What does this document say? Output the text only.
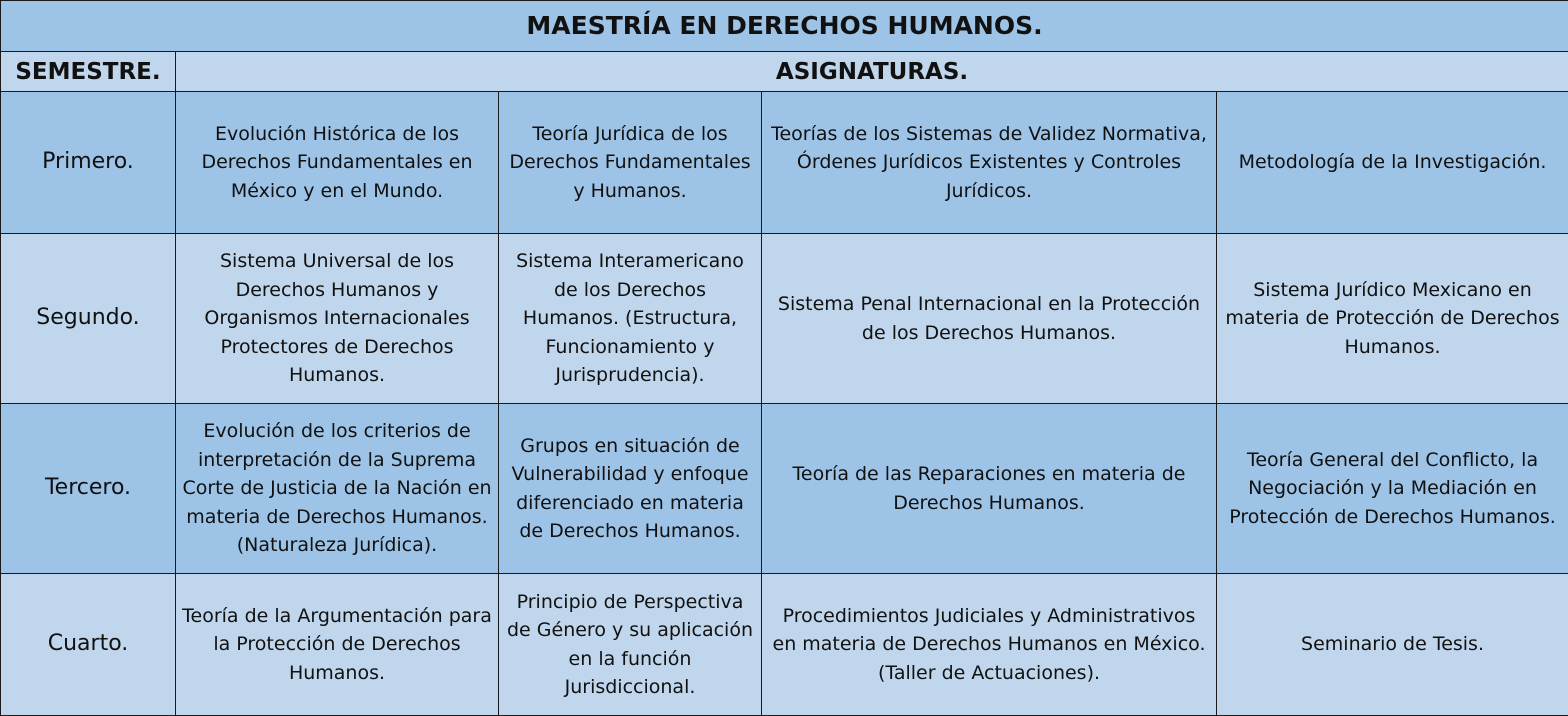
MAESTRÍA EN DERECHOS HUMANOS.				
SEMESTRE.	ASIGNATURAS.			
Primero.	Evolución Histórica de los Derechos Fundamentales en México y en el Mundo.	Teoría Jurídica de los Derechos Fundamentales y Humanos.	Teorías de los Sistemas de Validez Normativa, Órdenes Jurídicos Existentes y Controles Jurídicos.	Metodología de la Investigación.
Segundo.	Sistema Universal de los Derechos Humanos y Organismos Internacionales Protectores de Derechos Humanos.	Sistema Interamericano de los Derechos Humanos. (Estructura, Funcionamiento y Jurisprudencia).	Sistema Penal Internacional en la Protección de los Derechos Humanos.	Sistema Jurídico Mexicano en materia de Protección de Derechos Humanos.
Tercero.	Evolución de los criterios de interpretación de la Suprema Corte de Justicia de la Nación en materia de Derechos Humanos. (Naturaleza Jurídica).	Grupos en situación de Vulnerabilidad y enfoque diferenciado en materia de Derechos Humanos.	Teoría de las Reparaciones en materia de Derechos Humanos.	Teoría General del Conflicto, la Negociación y la Mediación en Protección de Derechos Humanos.
Cuarto.	Teoría de la Argumentación para la Protección de Derechos Humanos.	Principio de Perspectiva de Género y su aplicación en la función Jurisdiccional.	Procedimientos Judiciales y Administrativos en materia de Derechos Humanos en México. (Taller de Actuaciones).	Seminario de Tesis.
